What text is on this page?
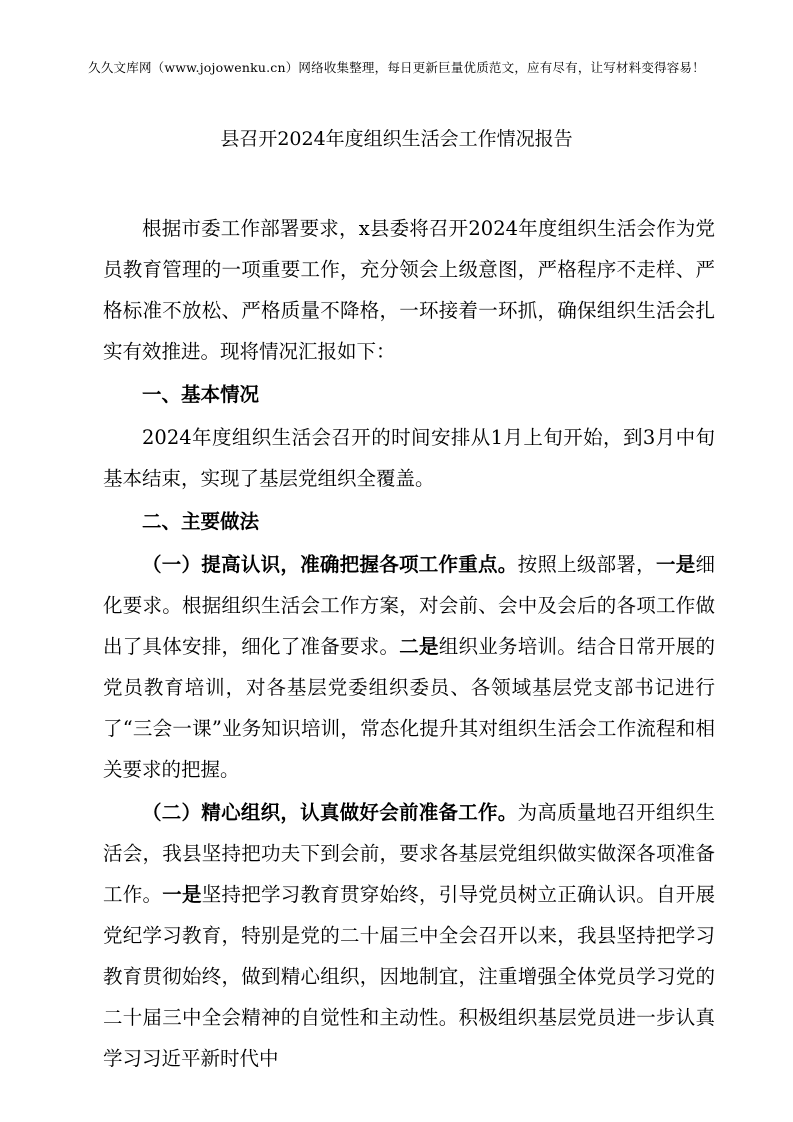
久久文库网（www.jojowenku.cn）网络收集整理，每日更新巨量优质范文，应有尽有，让写材料变得容易！
县召开2024年度组织生活会工作情况报告

根据市委工作部署要求，x县委将召开2024年度组织生活会作为党员教育管理的一项重要工作，充分领会上级意图，严格程序不走样、严格标准不放松、严格质量不降格，一环接着一环抓，确保组织生活会扎实有效推进。现将情况汇报如下：

一、基本情况

2024年度组织生活会召开的时间安排从1月上旬开始，到3月中旬基本结束，实现了基层党组织全覆盖。

二、主要做法

（一）提高认识，准确把握各项工作重点。按照上级部署，一是细化要求。根据组织生活会工作方案，对会前、会中及会后的各项工作做出了具体安排，细化了准备要求。二是组织业务培训。结合日常开展的党员教育培训，对各基层党委组织委员、各领域基层党支部书记进行了“三会一课”业务知识培训，常态化提升其对组织生活会工作流程和相关要求的把握。

（二）精心组织，认真做好会前准备工作。为高质量地召开组织生活会，我县坚持把功夫下到会前，要求各基层党组织做实做深各项准备工作。一是坚持把学习教育贯穿始终，引导党员树立正确认识。自开展党纪学习教育，特别是党的二十届三中全会召开以来，我县坚持把学习教育贯彻始终，做到精心组织，因地制宜，注重增强全体党员学习党的二十届三中全会精神的自觉性和主动性。积极组织基层党员进一步认真学习习近平新时代中
